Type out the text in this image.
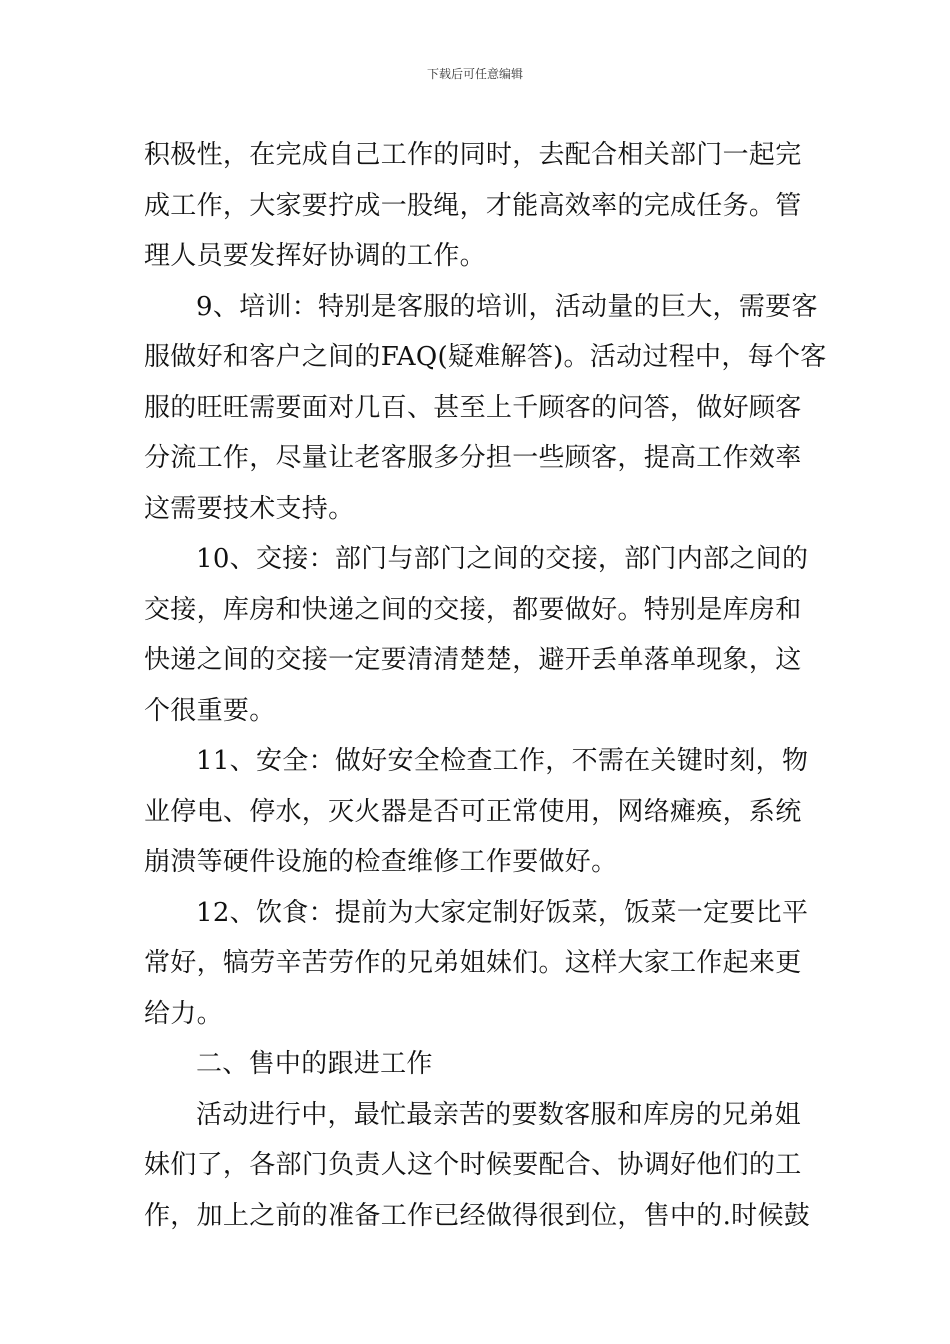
下载后可任意编辑
积极性，在完成自己工作的同时，去配合相关部门一起完
成工作，大家要拧成一股绳，才能高效率的完成任务。管
理人员要发挥好协调的工作。
9、培训：特别是客服的培训，活动量的巨大，需要客
服做好和客户之间的FAQ(疑难解答)。活动过程中，每个客
服的旺旺需要面对几百、甚至上千顾客的问答，做好顾客
分流工作，尽量让老客服多分担一些顾客，提高工作效率
这需要技术支持。
10、交接：部门与部门之间的交接，部门内部之间的
交接，库房和快递之间的交接，都要做好。特别是库房和
快递之间的交接一定要清清楚楚，避开丢单落单现象，这
个很重要。
11、安全：做好安全检查工作，不需在关键时刻，物
业停电、停水，灭火器是否可正常使用，网络瘫痪，系统
崩溃等硬件设施的检查维修工作要做好。
12、饮食：提前为大家定制好饭菜，饭菜一定要比平
常好，犒劳辛苦劳作的兄弟姐妹们。这样大家工作起来更
给力。
二、售中的跟进工作
活动进行中，最忙最亲苦的要数客服和库房的兄弟姐
妹们了，各部门负责人这个时候要配合、协调好他们的工
作，加上之前的准备工作已经做得很到位，售中的.时候鼓
